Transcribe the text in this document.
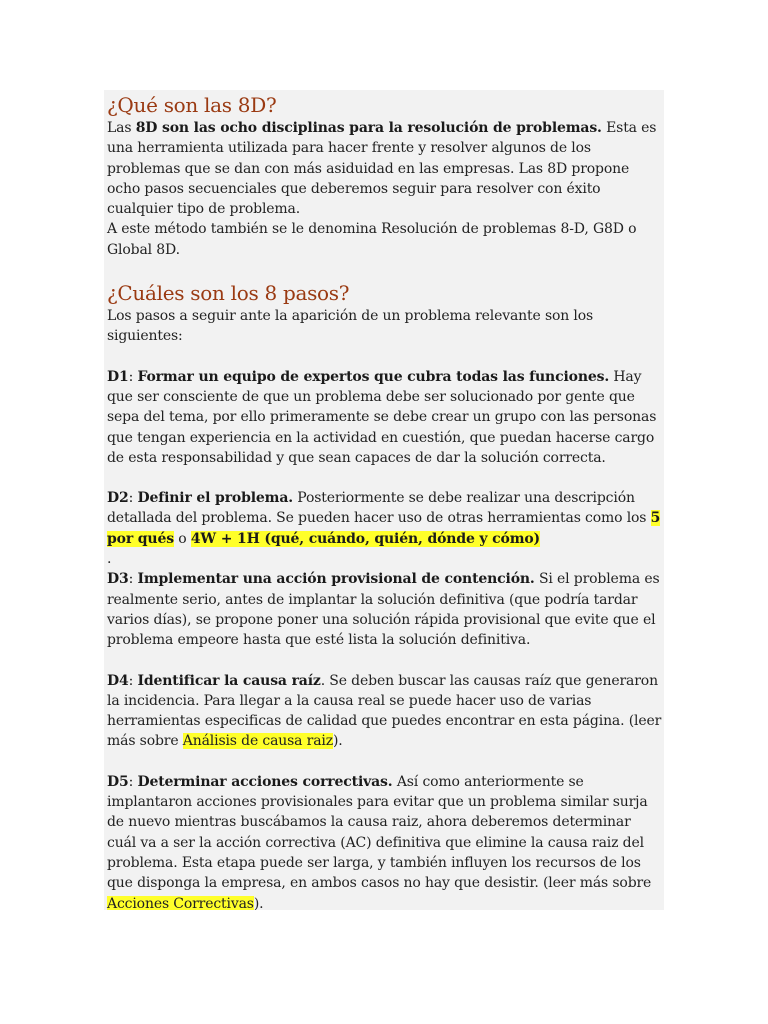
¿Qué son las 8D?

Las 8D son las ocho disciplinas para la resolución de problemas. Esta es una herramienta utilizada para hacer frente y resolver algunos de los problemas que se dan con más asiduidad en las empresas. Las 8D propone ocho pasos secuenciales que deberemos seguir para resolver con éxito cualquier tipo de problema.

A este método también se le denomina Resolución de problemas 8-D, G8D o Global 8D.

¿Cuáles son los 8 pasos?

Los pasos a seguir ante la aparición de un problema relevante son los siguientes:

D1: Formar un equipo de expertos que cubra todas las funciones. Hay que ser consciente de que un problema debe ser solucionado por gente que sepa del tema, por ello primeramente se debe crear un grupo con las personas que tengan experiencia en la actividad en cuestión, que puedan hacerse cargo de esta responsabilidad y que sean capaces de dar la solución correcta.

D2: Definir el problema. Posteriormente se debe realizar una descripción detallada del problema. Se pueden hacer uso de otras herramientas como los 5 por qués o 4W + 1H (qué, cuándo, quién, dónde y cómo)
.

D3: Implementar una acción provisional de contención. Si el problema es realmente serio, antes de implantar la solución definitiva (que podría tardar varios días), se propone poner una solución rápida provisional que evite que el problema empeore hasta que esté lista la solución definitiva.

D4: Identificar la causa raíz. Se deben buscar las causas raíz que generaron la incidencia. Para llegar a la causa real se puede hacer uso de varias herramientas especificas de calidad que puedes encontrar en esta página. (leer más sobre Análisis de causa raiz).

D5: Determinar acciones correctivas. Así como anteriormente se implantaron acciones provisionales para evitar que un problema similar surja de nuevo mientras buscábamos la causa raiz, ahora deberemos determinar cuál va a ser la acción correctiva (AC) definitiva que elimine la causa raiz del problema. Esta etapa puede ser larga, y también influyen los recursos de los que disponga la empresa, en ambos casos no hay que desistir. (leer más sobre Acciones Correctivas).
